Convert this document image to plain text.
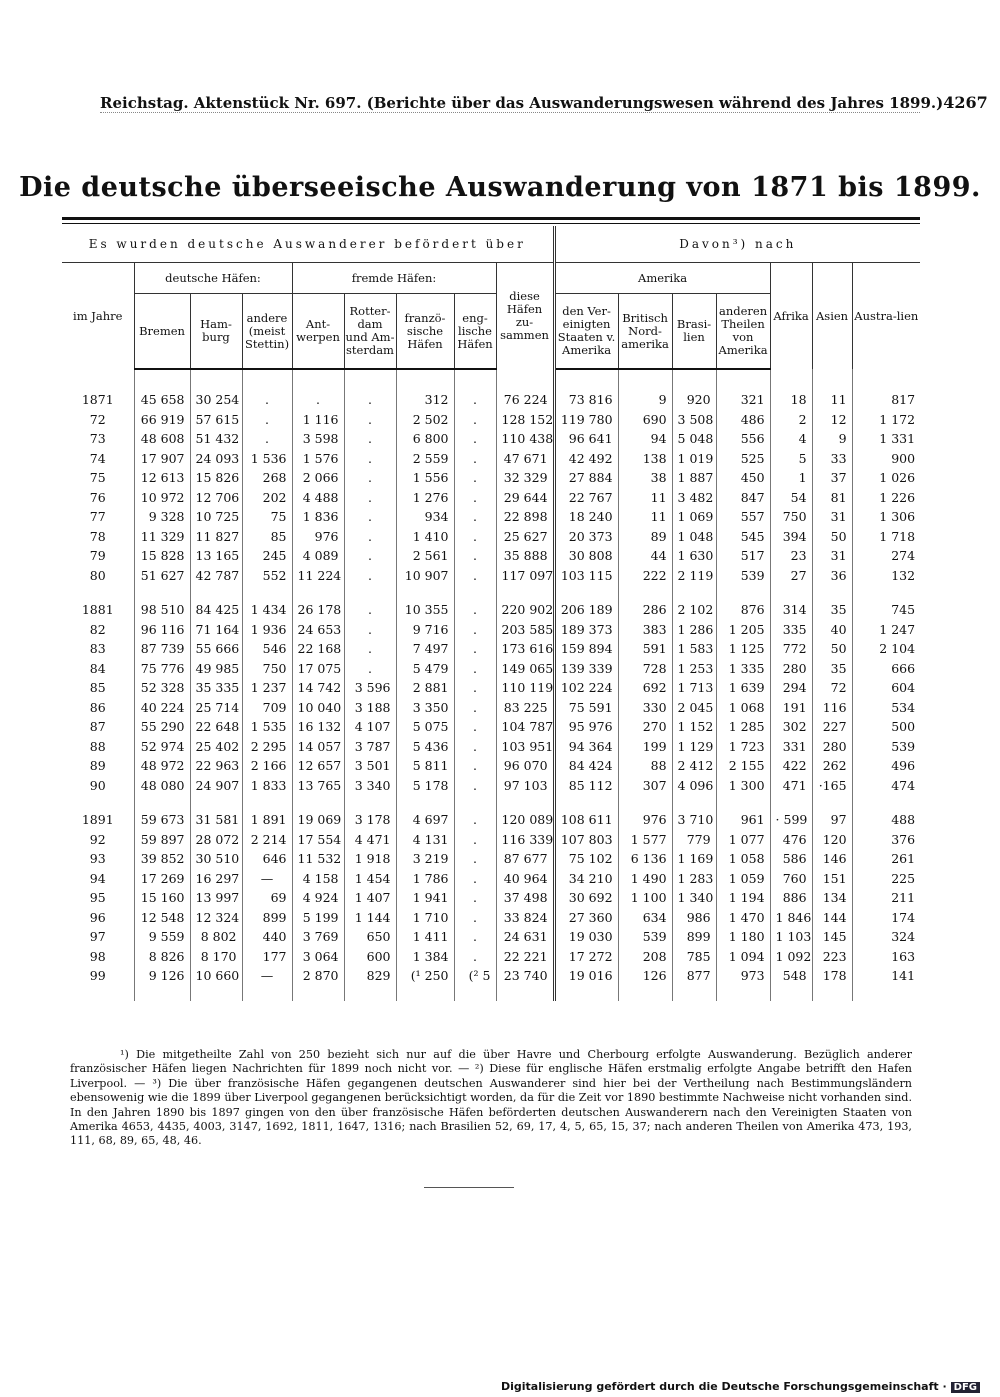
Reichstag. Aktenstück Nr. 697. (Berichte über das Auswanderungswesen während des Jahres 1899.) 4267
Die deutsche überseeische Auswanderung von 1871 bis 1899.
Es wurden deutsche Auswanderer befördert über									Davon³) nach						
im Jahre	deutsche Häfen:			fremde Häfen:				diese Häfen zu-sammen	Amerika				Afrika	Asien	Austra-lien
	Bremen	Ham-burg	andere (meist Stettin)	Ant-werpen	Rotter-dam und Am-sterdam	franzö-sische Häfen	eng-lische Häfen		den Ver-einigten Staaten v. Amerika	Britisch Nord-amerika	Brasi-lien	anderen Theilen von Amerika			

1871	45 658	30 254	.	.	.	312	.	76 224	73 816	9	920	321	18	11	817
72	66 919	57 615	.	1 116	.	2 502	.	128 152	119 780	690	3 508	486	2	12	1 172
73	48 608	51 432	.	3 598	.	6 800	.	110 438	96 641	94	5 048	556	4	9	1 331
74	17 907	24 093	1 536	1 576	.	2 559	.	47 671	42 492	138	1 019	525	5	33	900
75	12 613	15 826	268	2 066	.	1 556	.	32 329	27 884	38	1 887	450	1	37	1 026
76	10 972	12 706	202	4 488	.	1 276	.	29 644	22 767	11	3 482	847	54	81	1 226
77	9 328	10 725	75	1 836	.	934	.	22 898	18 240	11	1 069	557	750	31	1 306
78	11 329	11 827	85	976	.	1 410	.	25 627	20 373	89	1 048	545	394	50	1 718
79	15 828	13 165	245	4 089	.	2 561	.	35 888	30 808	44	1 630	517	23	31	274
80	51 627	42 787	552	11 224	.	10 907	.	117 097	103 115	222	2 119	539	27	36	132

1881	98 510	84 425	1 434	26 178	.	10 355	.	220 902	206 189	286	2 102	876	314	35	745
82	96 116	71 164	1 936	24 653	.	9 716	.	203 585	189 373	383	1 286	1 205	335	40	1 247
83	87 739	55 666	546	22 168	.	7 497	.	173 616	159 894	591	1 583	1 125	772	50	2 104
84	75 776	49 985	750	17 075	.	5 479	.	149 065	139 339	728	1 253	1 335	280	35	666
85	52 328	35 335	1 237	14 742	3 596	2 881	.	110 119	102 224	692	1 713	1 639	294	72	604
86	40 224	25 714	709	10 040	3 188	3 350	.	83 225	75 591	330	2 045	1 068	191	116	534
87	55 290	22 648	1 535	16 132	4 107	5 075	.	104 787	95 976	270	1 152	1 285	302	227	500
88	52 974	25 402	2 295	14 057	3 787	5 436	.	103 951	94 364	199	1 129	1 723	331	280	539
89	48 972	22 963	2 166	12 657	3 501	5 811	.	96 070	84 424	88	2 412	2 155	422	262	496
90	48 080	24 907	1 833	13 765	3 340	5 178	.	97 103	85 112	307	4 096	1 300	471	·165	474

1891	59 673	31 581	1 891	19 069	3 178	4 697	.	120 089	108 611	976	3 710	961	· 599	97	488
92	59 897	28 072	2 214	17 554	4 471	4 131	.	116 339	107 803	1 577	779	1 077	476	120	376
93	39 852	30 510	646	11 532	1 918	3 219	.	87 677	75 102	6 136	1 169	1 058	586	146	261
94	17 269	16 297	—	4 158	1 454	1 786	.	40 964	34 210	1 490	1 283	1 059	760	151	225
95	15 160	13 997	69	4 924	1 407	1 941	.	37 498	30 692	1 100	1 340	1 194	886	134	211
96	12 548	12 324	899	5 199	1 144	1 710	.	33 824	27 360	634	986	1 470	1 846	144	174
97	9 559	8 802	440	3 769	650	1 411	.	24 631	19 030	539	899	1 180	1 103	145	324
98	8 826	8 170	177	3 064	600	1 384	.	22 221	17 272	208	785	1 094	1 092	223	163
99	9 126	10 660	—	2 870	829	(¹ 250	(² 5	23 740	19 016	126	877	973	548	178	141

¹) Die mitgetheilte Zahl von 250 bezieht sich nur auf die über Havre und Cherbourg erfolgte Auswanderung. Bezüglich anderer französischer Häfen liegen Nachrichten für 1899 noch nicht vor. — ²) Diese für englische Häfen erstmalig erfolgte Angabe betrifft den Hafen Liverpool. — ³) Die über französische Häfen gegangenen deutschen Auswanderer sind hier bei der Vertheilung nach Bestimmungsländern ebensowenig wie die 1899 über Liverpool gegangenen berücksichtigt worden, da für die Zeit vor 1890 bestimmte Nachweise nicht vorhanden sind. In den Jahren 1890 bis 1897 gingen von den über französische Häfen beförderten deutschen Auswanderern nach den Vereinigten Staaten von Amerika 4653, 4435, 4003, 3147, 1692, 1811, 1647, 1316; nach Brasilien 52, 69, 17, 4, 5, 65, 15, 37; nach anderen Theilen von Amerika 473, 193, 111, 68, 89, 65, 48, 46.

Digitalisierung gefördert durch die Deutsche Forschungsgemeinschaft · DFG
